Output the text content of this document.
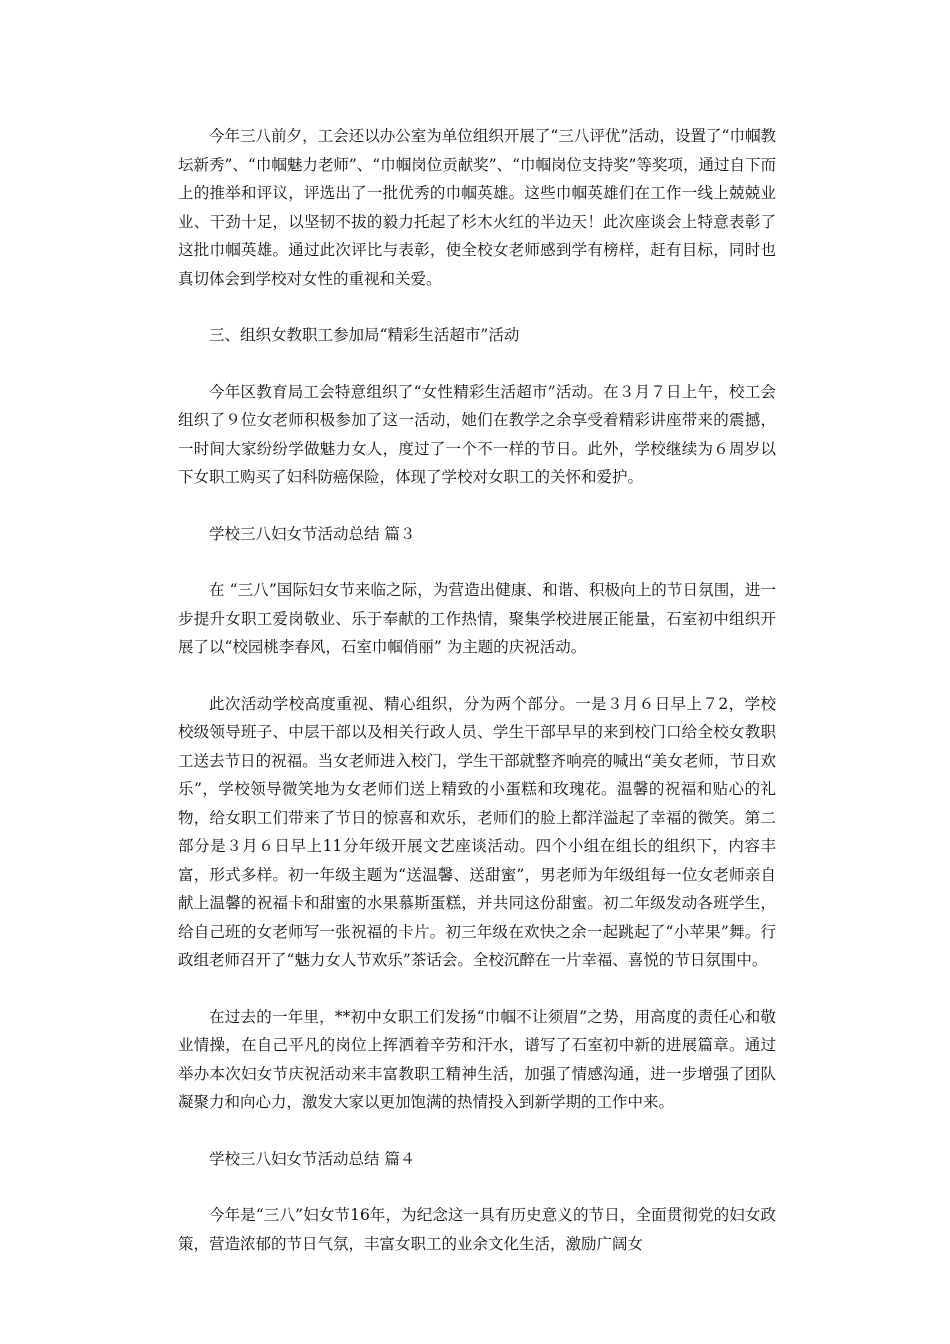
今年三八前夕，工会还以办公室为单位组织开展了“三八评优”活动，设置了“巾帼教坛新秀”、“巾帼魅力老师”、“巾帼岗位贡献奖”、“巾帼岗位支持奖”等奖项，通过自下而上的推举和评议，评选出了一批优秀的巾帼英雄。这些巾帼英雄们在工作一线上兢兢业业、干劲十足，以坚韧不拔的毅力托起了杉木火红的半边天！此次座谈会上特意表彰了这批巾帼英雄。通过此次评比与表彰，使全校女老师感到学有榜样，赶有目标，同时也真切体会到学校对女性的重视和关爱。

三、组织女教职工参加局“精彩生活超市”活动

今年区教育局工会特意组织了“女性精彩生活超市”活动。在３月７日上午，校工会组织了９位女老师积极参加了这一活动，她们在教学之余享受着精彩讲座带来的震撼，一时间大家纷纷学做魅力女人，度过了一个不一样的节日。此外，学校继续为６周岁以下女职工购买了妇科防癌保险，体现了学校对女职工的关怀和爱护。

学校三八妇女节活动总结 篇３

在 “三八”国际妇女节来临之际，为营造出健康、和谐、积极向上的节日氛围，进一步提升女职工爱岗敬业、乐于奉献的工作热情，聚集学校进展正能量，石室初中组织开展了以“校园桃李春风，石室巾帼俏丽” 为主题的庆祝活动。

此次活动学校高度重视、精心组织，分为两个部分。一是３月６日早上７2，学校校级领导班子、中层干部以及相关行政人员、学生干部早早的来到校门口给全校女教职工送去节日的祝福。当女老师进入校门，学生干部就整齐响亮的喊出“美女老师，节日欢乐”，学校领导微笑地为女老师们送上精致的小蛋糕和玫瑰花。温馨的祝福和贴心的礼物，给女职工们带来了节日的惊喜和欢乐，老师们的脸上都洋溢起了幸福的微笑。第二部分是３月６日早上11分年级开展文艺座谈活动。四个小组在组长的组织下，内容丰富，形式多样。初一年级主题为“送温馨、送甜蜜”，男老师为年级组每一位女老师亲自献上温馨的祝福卡和甜蜜的水果慕斯蛋糕，并共同这份甜蜜。初二年级发动各班学生，给自己班的女老师写一张祝福的卡片。初三年级在欢快之余一起跳起了“小苹果”舞。行政组老师召开了“魅力女人节欢乐”茶话会。全校沉醉在一片幸福、喜悦的节日氛围中。

在过去的一年里，**初中女职工们发扬“巾帼不让须眉”之势，用高度的责任心和敬业情操，在自己平凡的岗位上挥洒着辛劳和汗水，谱写了石室初中新的进展篇章。通过举办本次妇女节庆祝活动来丰富教职工精神生活，加强了情感沟通，进一步增强了团队凝聚力和向心力，激发大家以更加饱满的热情投入到新学期的工作中来。

学校三八妇女节活动总结 篇４

今年是“三八”妇女节16年，为纪念这一具有历史意义的节日，全面贯彻党的妇女政策，营造浓郁的节日气氛，丰富女职工的业余文化生活，激励广阔女
